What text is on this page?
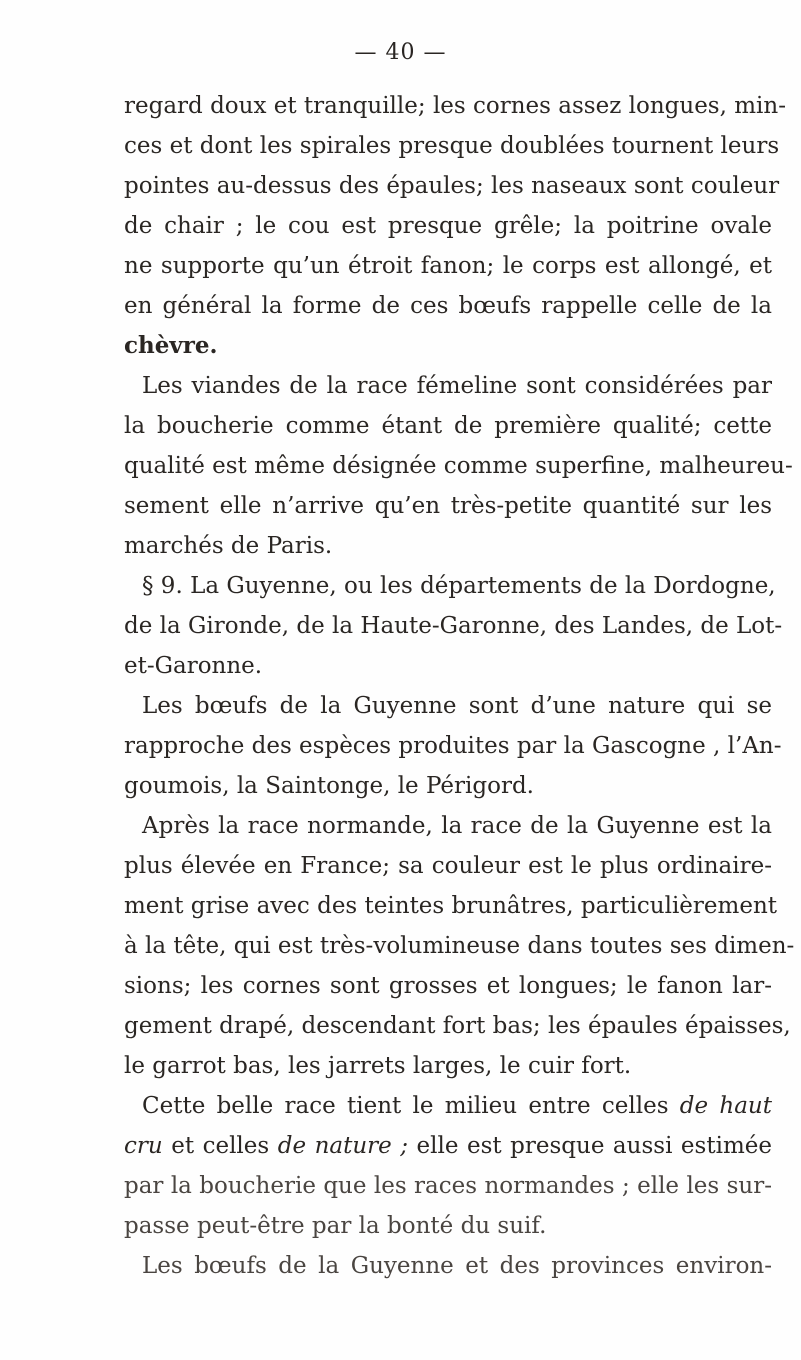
— 40 —
regard doux et tranquille; les cornes assez longues, min-
ces et dont les spirales presque doublées tournent leurs
pointes au-dessus des épaules; les naseaux sont couleur
de chair ; le cou est presque grêle; la poitrine ovale
ne supporte qu’un étroit fanon; le corps est allongé, et
en général la forme de ces bœufs rappelle celle de la
chèvre.
Les viandes de la race fémeline sont considérées par
la boucherie comme étant de première qualité; cette
qualité est même désignée comme superfine, malheureu-
sement elle n’arrive qu’en très-petite quantité sur les
marchés de Paris.
§ 9. La Guyenne, ou les départements de la Dordogne,
de la Gironde, de la Haute-Garonne, des Landes, de Lot-
et-Garonne.
Les bœufs de la Guyenne sont d’une nature qui se
rapproche des espèces produites par la Gascogne , l’An-
goumois, la Saintonge, le Périgord.
Après la race normande, la race de la Guyenne est la
plus élevée en France; sa couleur est le plus ordinaire-
ment grise avec des teintes brunâtres, particulièrement
à la tête, qui est très-volumineuse dans toutes ses dimen-
sions; les cornes sont grosses et longues; le fanon lar-
gement drapé, descendant fort bas; les épaules épaisses,
le garrot bas, les jarrets larges, le cuir fort.
Cette belle race tient le milieu entre celles de haut
cru et celles de nature ; elle est presque aussi estimée
par la boucherie que les races normandes ; elle les sur-
passe peut-être par la bonté du suif.
Les bœufs de la Guyenne et des provinces environ-
